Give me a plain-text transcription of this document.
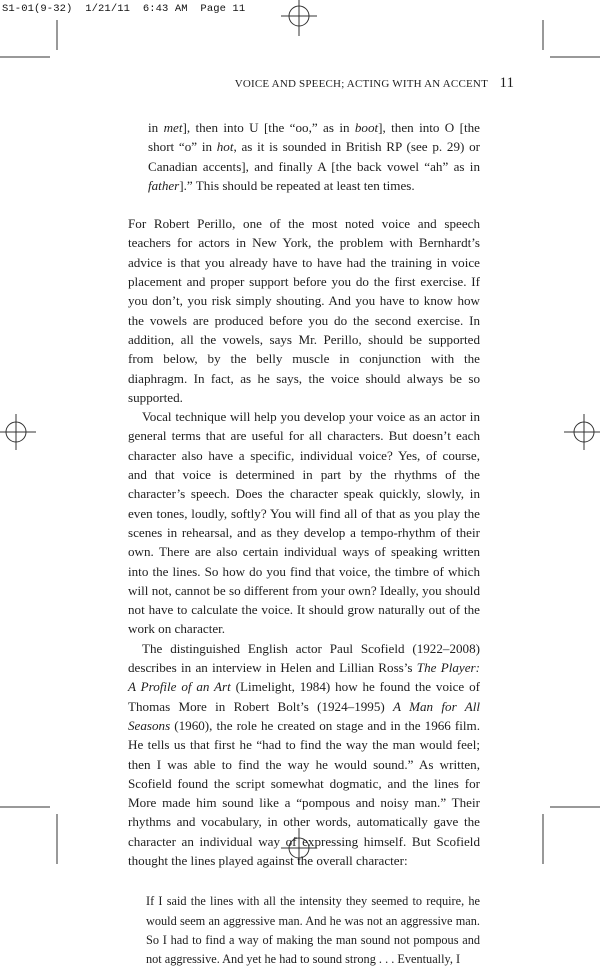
S1-01(9-32)  1/21/11  6:43 AM  Page 11
VOICE AND SPEECH; ACTING WITH AN ACCENT 11

in met], then into U [the “oo,” as in boot], then into O [the short “o” in hot, as it is sounded in British RP (see p. 29) or Canadian accents], and finally A [the back vowel “ah” as in father].” This should be repeated at least ten times.

For Robert Perillo, one of the most noted voice and speech teachers for actors in New York, the problem with Bernhardt’s advice is that you already have to have had the training in voice placement and proper support before you do the first exercise. If you don’t, you risk simply shouting. And you have to know how the vowels are produced before you do the second exercise. In addition, all the vowels, says Mr. Perillo, should be supported from below, by the belly muscle in conjunction with the diaphragm. In fact, as he says, the voice should always be so supported.

Vocal technique will help you develop your voice as an actor in general terms that are useful for all characters. But doesn’t each character also have a specific, individual voice? Yes, of course, and that voice is determined in part by the rhythms of the character’s speech. Does the character speak quickly, slowly, in even tones, loudly, softly? You will find all of that as you play the scenes in rehearsal, and as they develop a tempo-rhythm of their own. There are also certain individual ways of speaking written into the lines. So how do you find that voice, the timbre of which will not, cannot be so different from your own? Ideally, you should not have to calculate the voice. It should grow naturally out of the work on character.

The distinguished English actor Paul Scofield (1922–2008) describes in an interview in Helen and Lillian Ross’s The Player: A Profile of an Art (Limelight, 1984) how he found the voice of Thomas More in Robert Bolt’s (1924–1995) A Man for All Seasons (1960), the role he created on stage and in the 1966 film. He tells us that first he “had to find the way the man would feel; then I was able to find the way he would sound.” As written, Scofield found the script somewhat dogmatic, and the lines for More made him sound like a “pompous and noisy man.” Their rhythms and vocabulary, in other words, automatically gave the character an individual way of expressing himself. But Scofield thought the lines played against the overall character:

If I said the lines with all the intensity they seemed to require, he would seem an aggressive man. And he was not an aggressive man. So I had to find a way of making the man sound not pompous and not aggressive. And yet he had to sound strong . . . Eventually, I
